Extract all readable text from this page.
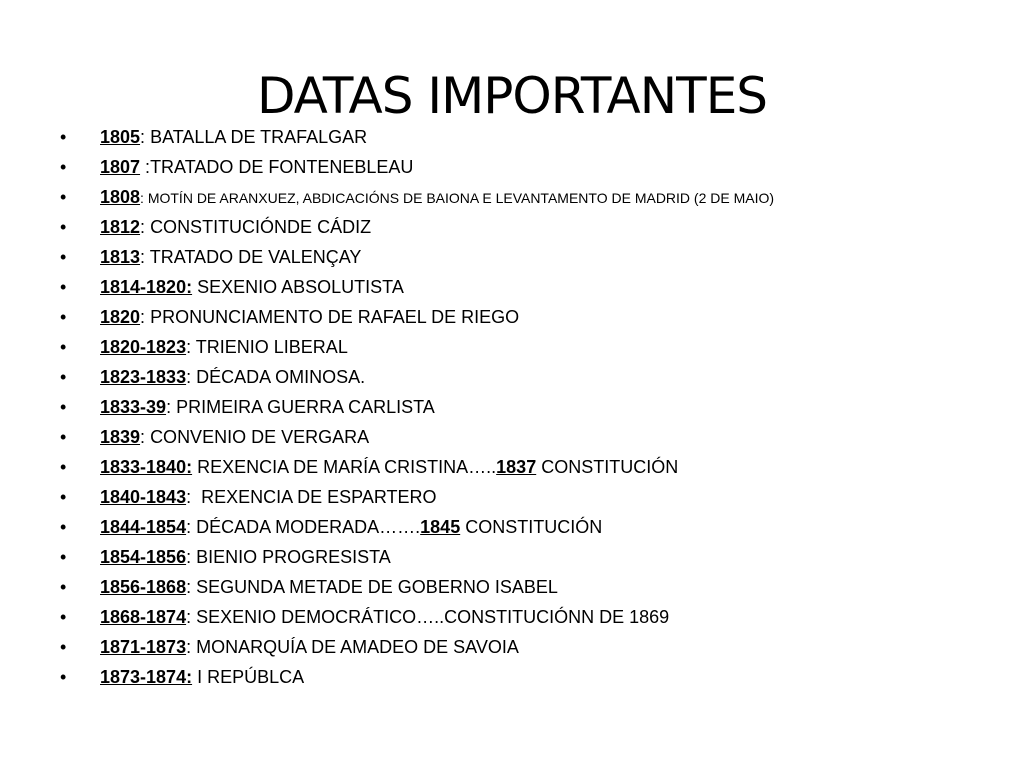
DATAS IMPORTANTES
•	1805: BATALLA DE TRAFALGAR
•	1807 :TRATADO DE FONTENEBLEAU
•	1808: MOTÍN DE ARANXUEZ, ABDICACIÓNS DE BAIONA E LEVANTAMENTO DE MADRID (2 DE MAIO)
•	1812: CONSTITUCIÓNDE CÁDIZ
•	1813: TRATADO DE VALENÇAY
•	1814-1820: SEXENIO ABSOLUTISTA
•	1820: PRONUNCIAMENTO DE RAFAEL DE RIEGO
•	1820-1823: TRIENIO LIBERAL
•	1823-1833: DÉCADA OMINOSA.
•	1833-39: PRIMEIRA GUERRA CARLISTA
•	1839: CONVENIO DE VERGARA
•	1833-1840: REXENCIA DE MARÍA CRISTINA…..1837 CONSTITUCIÓN
•	1840-1843:  REXENCIA DE ESPARTERO
•	1844-1854: DÉCADA MODERADA…….1845 CONSTITUCIÓN
•	1854-1856: BIENIO PROGRESISTA
•	1856-1868: SEGUNDA METADE DE GOBERNO ISABEL
•	1868-1874: SEXENIO DEMOCRÁTICO…..CONSTITUCIÓNN DE 1869
•	1871-1873: MONARQUÍA DE AMADEO DE SAVOIA
•	1873-1874: I REPÚBLCA
